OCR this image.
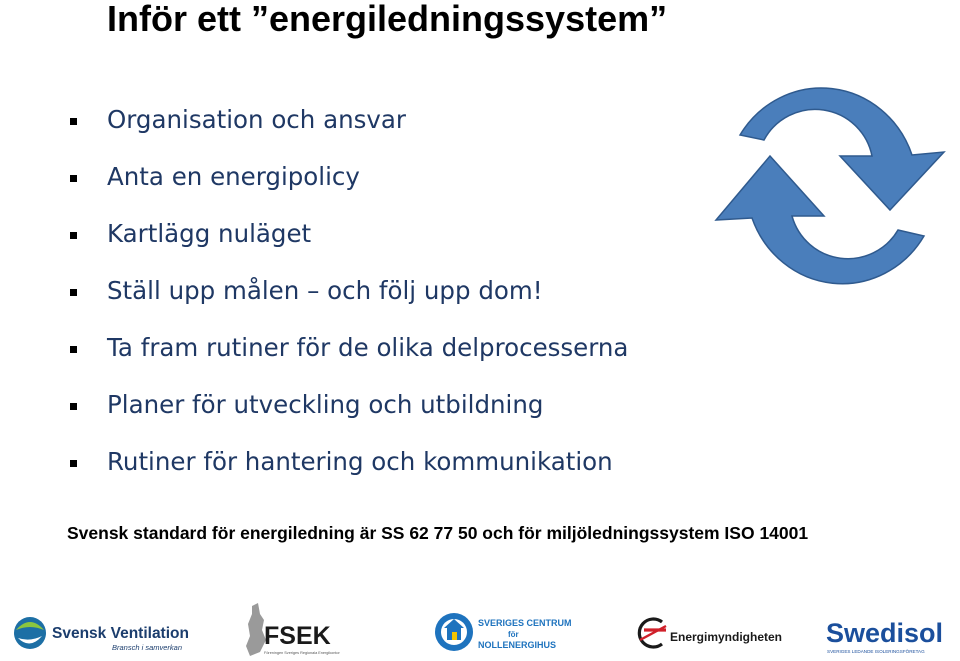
Inför ett ”energiledningssystem”
Organisation och ansvar
Anta en energipolicy
Kartlägg nuläget
Ställ upp målen – och följ upp dom!
Ta fram rutiner för de olika delprocesserna
Planer för utveckling och utbildning
Rutiner för hantering och kommunikation
Svensk standard för energiledning är SS 62 77 50 och för miljöledningssystem ISO 14001
Svensk Ventilation
Bransch i samverkan	FSEK
Föreningen Sveriges Regionala Energikontor
SVERIGES CENTRUM
för
NOLLENERGIHUS
Energimyndigheten Swedisol
SVERIGES LEDANDE ISOLERINGSFÖRETAG
